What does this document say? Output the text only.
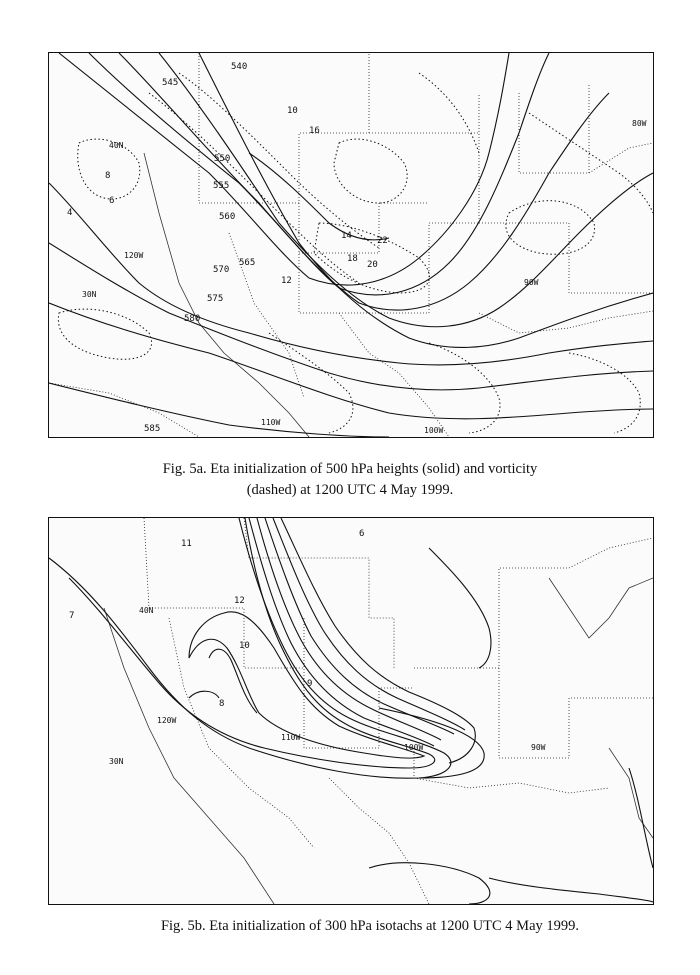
540
545
550
555
560
565
570
575
580
585
4
6
8
10
12
14
16
18
20
22
120W
110W
100W
90W
80W
30N
40N
Fig. 5a. Eta initialization of 500 hPa heights (solid) and vorticity
(dashed) at 1200 UTC 4 May 1999.
6
7
8
9
10
11
12
120W
110W
100W	90W
30N
40N
Fig. 5b. Eta initialization of 300 hPa isotachs at 1200 UTC 4 May 1999.
